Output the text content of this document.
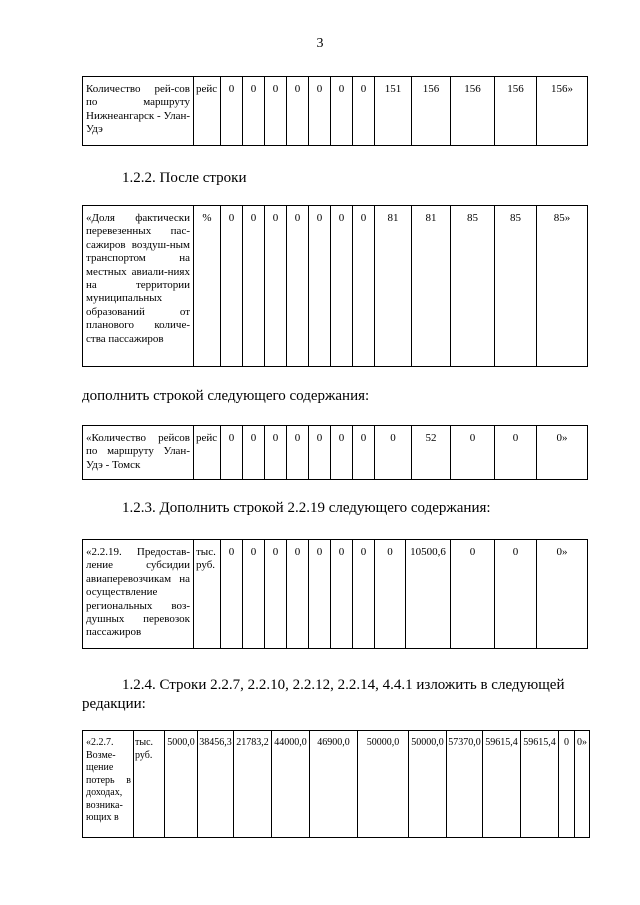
3
Количество рей-сов по маршруту Нижнеангарск - Улан-Удэ	рейс	0	0	0	0	0	0	0	151	156	156	156	156»
1.2.2. После строки
«Доля фактически перевезенных пас-сажиров воздуш-ным транспортом на местных авиали-ниях на территории муниципальных образований от планового количе-ства пассажиров	%	0	0	0	0	0	0	0	81	81	85	85	85»
дополнить строкой следующего содержания:
«Количество рейсов по маршруту Улан-Удэ - Томск	рейс	0	0	0	0	0	0	0	0	52	0	0	0»
1.2.3. Дополнить строкой 2.2.19 следующего содержания:
«2.2.19. Предостав-ление субсидии авиаперевозчикам на осуществление региональных воз-душных перевозок пассажиров	тыс. руб.	0	0	0	0	0	0	0	0	10500,6	0	0	0»
1.2.4. Строки 2.2.7, 2.2.10, 2.2.12, 2.2.14, 4.4.1 изложить в следующей
редакции:
«2.2.7. Возме-щение потерь в доходах, возника-ющих в	тыс. руб.	5000,0	38456,3	21783,2	44000,0	46900,0	50000,0	50000,0	57370,0	59615,4	59615,4	0	0»
